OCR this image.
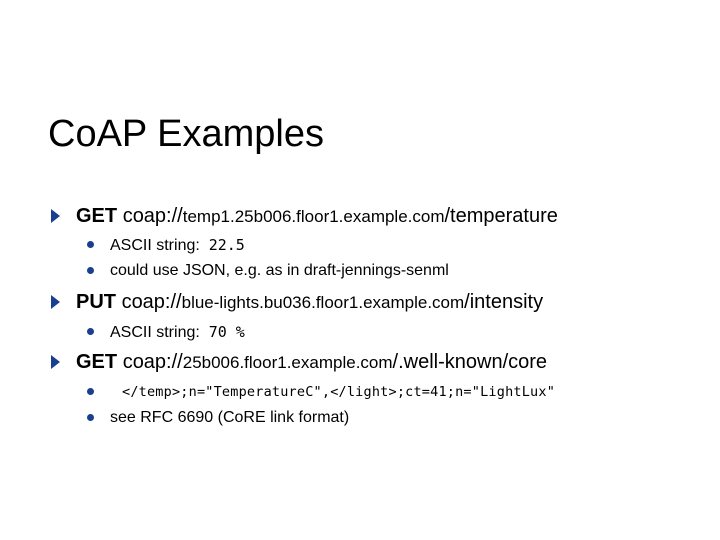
CoAP Examples
GET coap://temp1.25b006.floor1.example.com/temperature
ASCII string: 22.5
could use JSON, e.g. as in draft-jennings-senml
PUT coap://blue-lights.bu036.floor1.example.com/intensity
ASCII string: 70 %
GET coap://25b006.floor1.example.com/.well-known/core
</temp>;n="TemperatureC",</light>;ct=41;n="LightLux"
see RFC 6690 (CoRE link format)
